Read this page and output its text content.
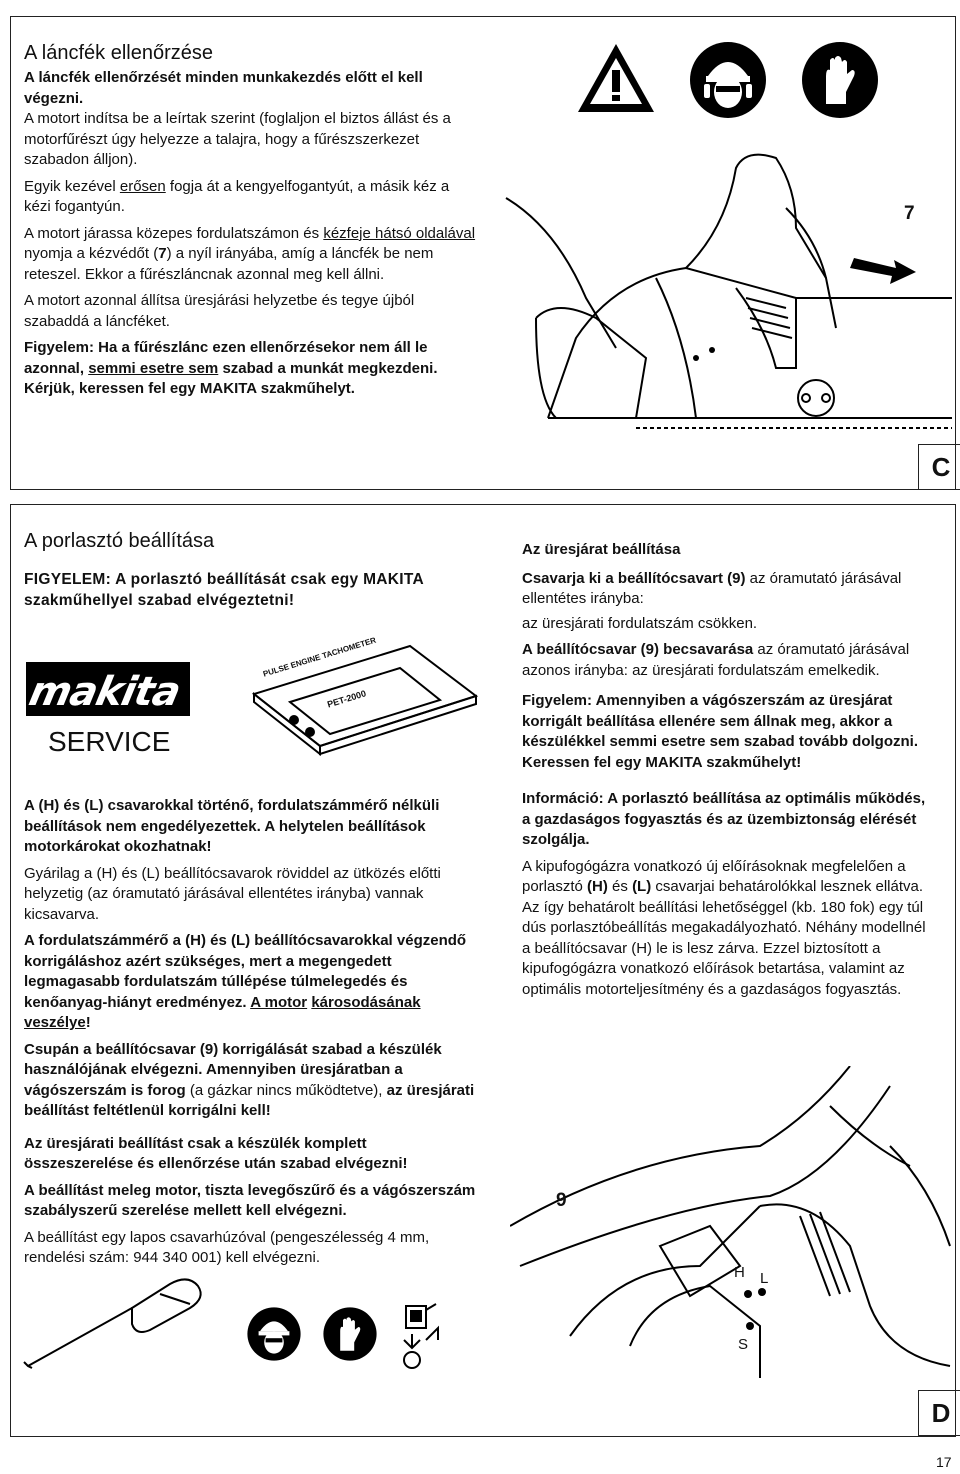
A láncfék ellenőrzése

A láncfék ellenőrzését minden munkakezdés előtt el kell végezni.

A motort indítsa be a leírtak szerint (foglaljon el biztos állást és a motorfűrészt úgy helyezze a talajra, hogy a fűrészszerkezet szabadon álljon).

Egyik kezével erősen fogja át a kengyelfogantyút, a másik kéz a kézi fogantyún.

A motort járassa közepes fordulatszámon és kézfeje hátsó oldalával nyomja a kézvédőt (7) a nyíl irányába, amíg a láncfék be nem reteszel. Ekkor a fűrészláncnak azonnal meg kell állni.

A motort azonnal állítsa üresjárási helyzetbe és tegye újból szabaddá a láncféket.

Figyelem: Ha a fűrészlánc ezen ellenőrzésekor nem áll le azonnal, semmi esetre sem szabad a munkát megkezdeni. Kérjük, keressen fel egy MAKITA szakműhelyt.

7
C
A porlasztó beállítása

FIGYELEM: A porlasztó beállítását csak egy MAKITA szakműhellyel szabad elvégeztetni!

makita
SERVICE
PULSE ENGINE TACHOMETER
PET-2000

A (H) és (L) csavarokkal történő, fordulatszámmérő nélküli beállítások nem engedélyezettek. A helytelen beállítások motorkárokat okozhatnak!

Gyárilag a (H) és (L) beállítócsavarok röviddel az ütközés előtti helyzetig (az óramutató járásával ellentétes irányba) vannak kicsavarva.

A fordulatszámmérő a (H) és (L) beállítócsavarokkal végzendő korrigáláshoz azért szükséges, mert a megengedett legmagasabb fordulatszám túllépése túlmelegedés és kenőanyag-hiányt eredményez. A motor károsodásának veszélye!

Csupán a beállítócsavar (9) korrigálását szabad a készülék használójának elvégezni. Amennyiben üresjáratban a vágószerszám is forog (a gázkar nincs működtetve), az üresjárati beállítást feltétlenül korrigálni kell!

Az üresjárati beállítást csak a készülék komplett összeszerelése és ellenőrzése után szabad elvégezni!

A beállítást meleg motor, tiszta levegőszűrő és a vágószerszám szabályszerű szerelése mellett kell elvégezni.

A beállítást egy lapos csavarhúzóval (pengeszélesség 4 mm, rendelési szám: 944 340 001) kell elvégezni.

Az üresjárat beállítása

Csavarja ki a beállítócsavart (9) az óramutató járásával ellentétes irányba:

az üresjárati fordulatszám csökken.

A beállítócsavar (9) becsavarása az óramutató járásával azonos irányba: az üresjárati fordulatszám emelkedik.

Figyelem: Amennyiben a vágószerszám az üresjárat korrigált beállítása ellenére sem állnak meg, akkor a készülékkel semmi esetre sem szabad tovább dolgozni. Keressen fel egy MAKITA szakműhelyt!

Információ: A porlasztó beállítása az optimális működés, a gazdaságos fogyasztás és az üzembiztonság elérését szolgálja.

A kipufogógázra vonatkozó új előírásoknak megfelelően a porlasztó (H) és (L) csavarjai behatárolókkal lesznek ellátva. Az így behatárolt beállítási lehetőséggel (kb. 180 fok) egy túl dús porlasztóbeállítás megakadályozható. Néhány modellnél a beállítócsavar (H) le is lesz zárva. Ezzel biztosított a kipufogógázra vonatkozó előírások betartása, valamint az optimális motorteljesítmény és a gazdaságos fogyasztás.

9
H L
S
D
17
